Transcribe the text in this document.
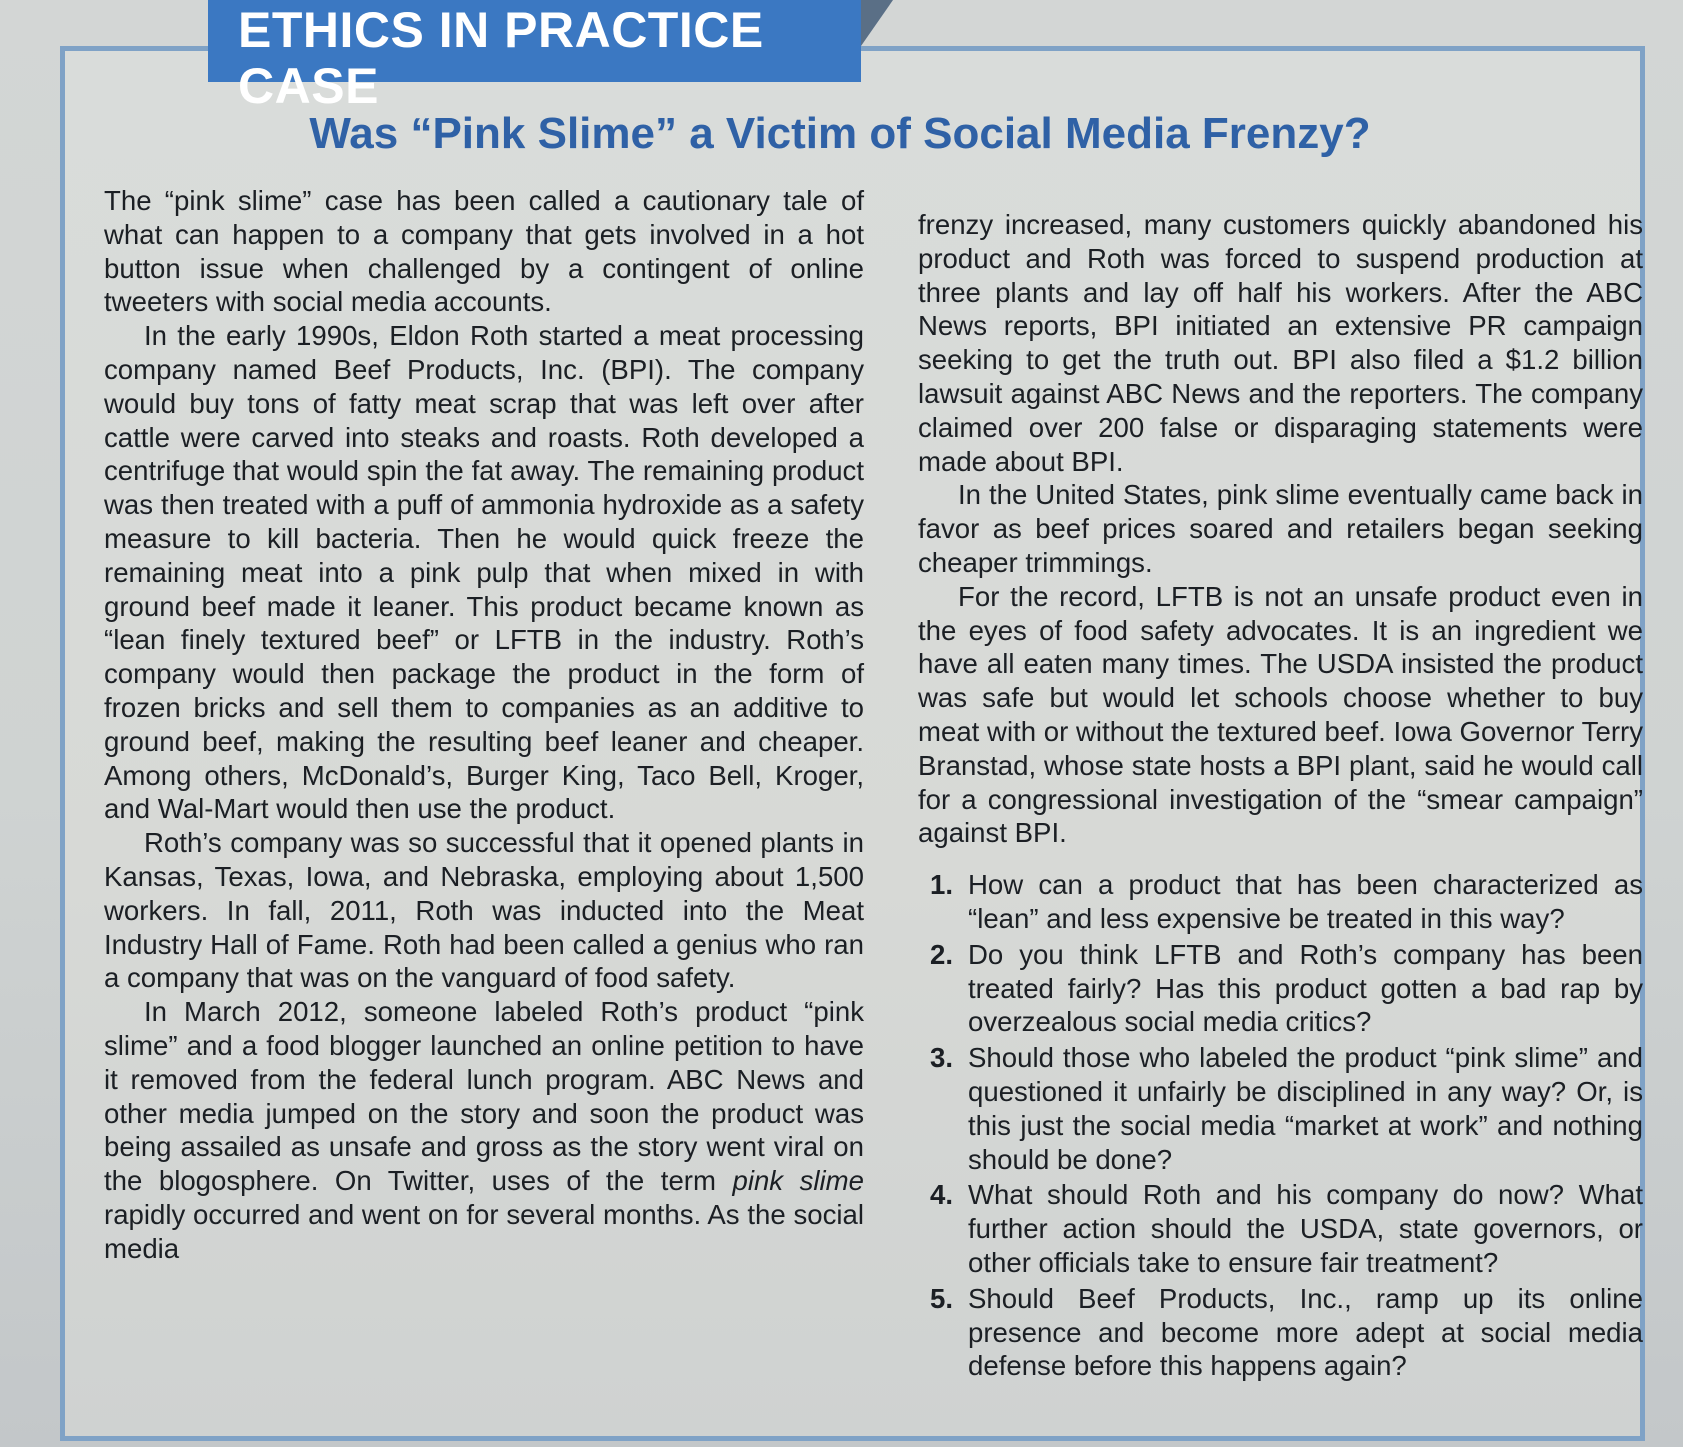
ETHICS IN PRACTICE CASE
Was “Pink Slime” a Victim of Social Media Frenzy?

The “pink slime” case has been called a cautionary tale of what can happen to a company that gets involved in a hot button issue when challenged by a contingent of online tweeters with social media accounts.

In the early 1990s, Eldon Roth started a meat processing company named Beef Products, Inc. (BPI). The company would buy tons of fatty meat scrap that was left over after cattle were carved into steaks and roasts. Roth developed a centrifuge that would spin the fat away. The remaining product was then treated with a puff of ammonia hydroxide as a safety measure to kill bacteria. Then he would quick freeze the remaining meat into a pink pulp that when mixed in with ground beef made it leaner. This product became known as “lean finely textured beef” or LFTB in the industry. Roth’s company would then package the product in the form of frozen bricks and sell them to companies as an additive to ground beef, making the resulting beef leaner and cheaper. Among others, McDonald’s, Burger King, Taco Bell, Kroger, and Wal-Mart would then use the product.

Roth’s company was so successful that it opened plants in Kansas, Texas, Iowa, and Nebraska, employing about 1,500 workers. In fall, 2011, Roth was inducted into the Meat Industry Hall of Fame. Roth had been called a genius who ran a company that was on the vanguard of food safety.

In March 2012, someone labeled Roth’s product “pink slime” and a food blogger launched an online petition to have it removed from the federal lunch program. ABC News and other media jumped on the story and soon the product was being assailed as unsafe and gross as the story went viral on the blogosphere. On Twitter, uses of the term pink slime rapidly occurred and went on for several months. As the social media

frenzy increased, many customers quickly abandoned his product and Roth was forced to suspend production at three plants and lay off half his workers. After the ABC News reports, BPI initiated an extensive PR campaign seeking to get the truth out. BPI also filed a $1.2 billion lawsuit against ABC News and the reporters. The company claimed over 200 false or disparaging statements were made about BPI.

In the United States, pink slime eventually came back in favor as beef prices soared and retailers began seeking cheaper trimmings.

For the record, LFTB is not an unsafe product even in the eyes of food safety advocates. It is an ingredient we have all eaten many times. The USDA insisted the product was safe but would let schools choose whether to buy meat with or without the textured beef. Iowa Governor Terry Branstad, whose state hosts a BPI plant, said he would call for a congressional investigation of the “smear campaign” against BPI.

1. How can a product that has been characterized as “lean” and less expensive be treated in this way?
2. Do you think LFTB and Roth’s company has been treated fairly? Has this product gotten a bad rap by overzealous social media critics?
3. Should those who labeled the product “pink slime” and questioned it unfairly be disciplined in any way? Or, is this just the social media “market at work” and nothing should be done?
4. What should Roth and his company do now? What further action should the USDA, state governors, or other officials take to ensure fair treatment?
5. Should Beef Products, Inc., ramp up its online presence and become more adept at social media defense before this happens again?
